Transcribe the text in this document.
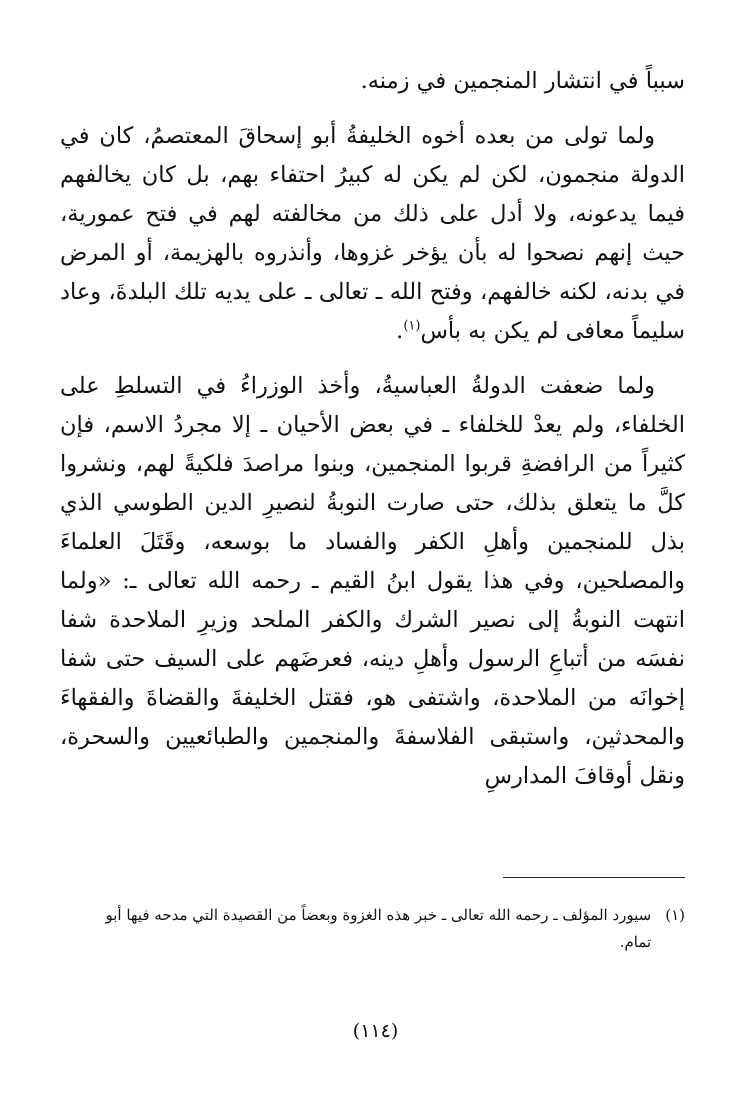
سبباً في انتشار المنجمين في زمنه.

ولما تولى من بعده أخوه الخليفةُ أبو إسحاقَ المعتصمُ، كان في الدولة منجمون، لكن لم يكن له كبيرُ احتفاء بهم، بل كان يخالفهم فيما يدعونه، ولا أدل على ذلك من مخالفته لهم في فتح عمورية، حيث إنهم نصحوا له بأن يؤخر غزوها، وأنذروه بالهزيمة، أو المرض في بدنه، لكنه خالفهم، وفتح الله ـ تعالى ـ على يديه تلك البلدةَ، وعاد سليماً معافى لم يكن به بأس$^{(١)}$.

ولما ضعفت الدولةُ العباسيةُ، وأخذ الوزراءُ في التسلطِ على الخلفاء، ولم يعدْ للخلفاء ـ في بعض الأحيان ـ إلا مجردُ الاسم، فإن كثيراً من الرافضةِ قربوا المنجمين، وبنوا مراصدَ فلكيةً لهم، ونشروا كلَّ ما يتعلق بذلك، حتى صارت النوبةُ لنصيرِ الدين الطوسي الذي بذل للمنجمين وأهلِ الكفر والفساد ما بوسعه، وقَتَلَ العلماءَ والمصلحين، وفي هذا يقول ابنُ القيم ـ رحمه الله تعالى ـ: «ولما انتهت النوبةُ إلى نصير الشرك والكفر الملحد وزيرِ الملاحدة شفا نفسَه من أتباعِ الرسول وأهلِ دينه، فعرضَهم على السيف حتى شفا إخوانَه من الملاحدة، واشتفى هو، فقتل الخليفةَ والقضاةَ والفقهاءَ والمحدثين، واستبقى الفلاسفةَ والمنجمين والطبائعيين والسحرة، ونقل أوقافَ المدارسِ

(١)
سيورد المؤلف ـ رحمه الله تعالى ـ خبر هذه الغزوة وبعضاً من القصيدة التي مدحه فيها أبو تمام.
(١١٤)
